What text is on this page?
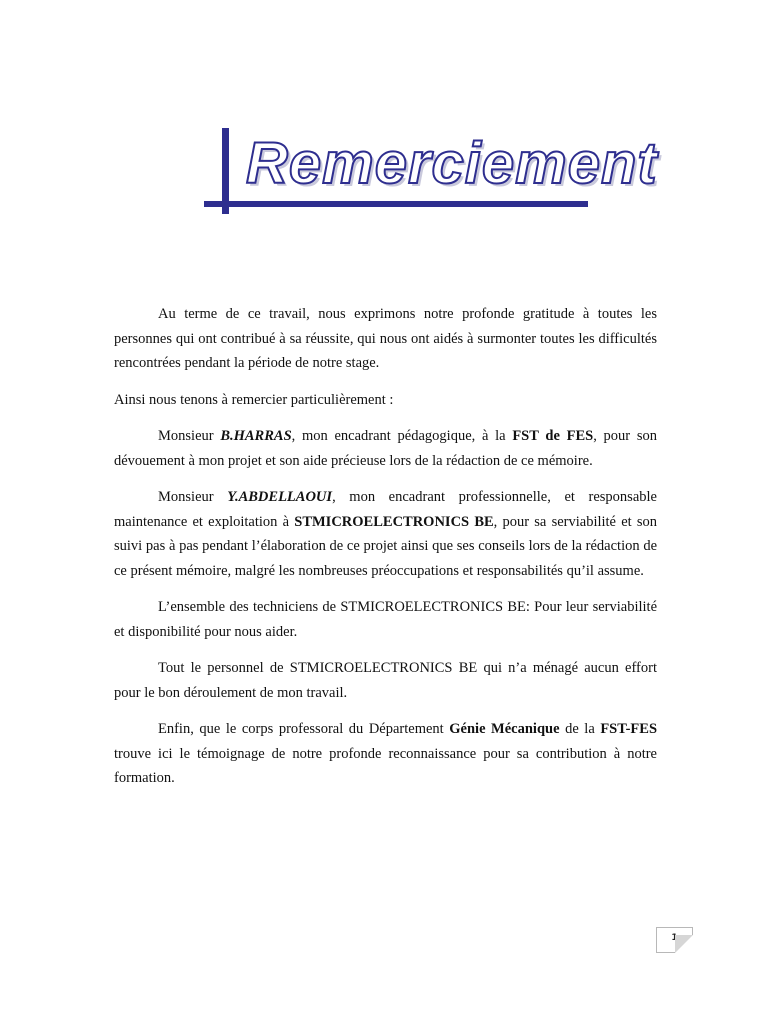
Remerciement

Au terme de ce travail, nous exprimons notre profonde gratitude à toutes les personnes qui ont contribué à sa réussite, qui nous ont aidés à surmonter toutes les difficultés rencontrées pendant la période de notre stage.

Ainsi nous tenons à remercier particulièrement :

Monsieur B.HARRAS, mon encadrant pédagogique, à la FST de FES, pour son dévouement à mon projet et son aide précieuse lors de la rédaction de ce mémoire.

Monsieur Y.ABDELLAOUI, mon encadrant professionnelle, et responsable maintenance et exploitation à STMICROELECTRONICS BE, pour sa serviabilité et son suivi pas à pas pendant l’élaboration de ce projet ainsi que ses conseils lors de la rédaction de ce présent mémoire, malgré les nombreuses préoccupations et responsabilités qu’il assume.

L’ensemble des techniciens de STMICROELECTRONICS BE: Pour leur serviabilité et disponibilité pour nous aider.

Tout le personnel de STMICROELECTRONICS BE qui n’a ménagé aucun effort pour le bon déroulement de mon travail.

Enfin, que le corps professoral du Département Génie Mécanique de la FST-FES trouve ici le témoignage de notre profonde reconnaissance pour sa contribution à notre formation.

1
